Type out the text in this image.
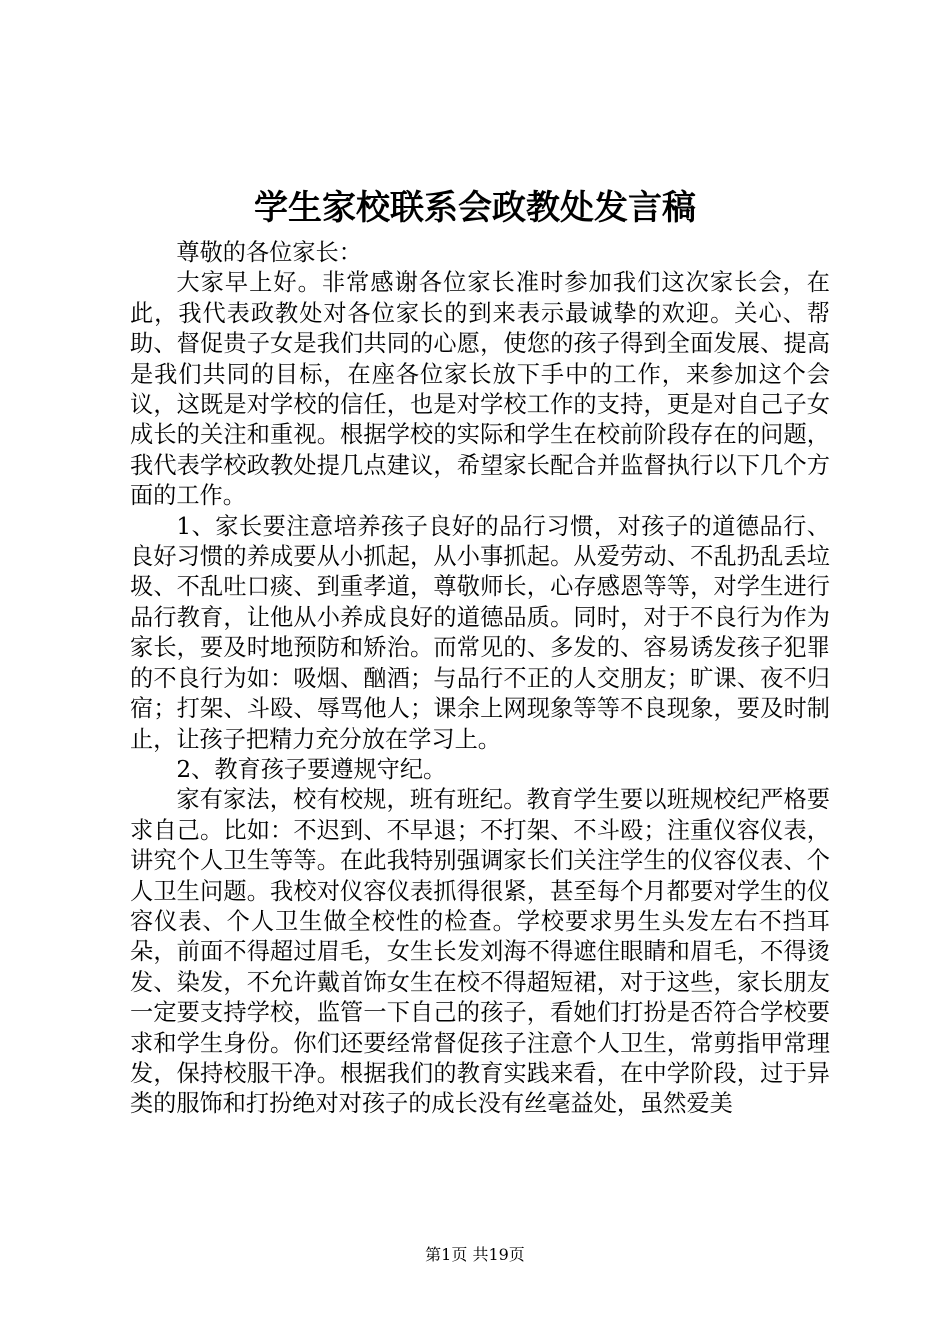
学生家校联系会政教处发言稿

尊敬的各位家长：

大家早上好。非常感谢各位家长准时参加我们这次家长会，在此，我代表政教处对各位家长的到来表示最诚挚的欢迎。关心、帮助、督促贵子女是我们共同的心愿，使您的孩子得到全面发展、提高是我们共同的目标，在座各位家长放下手中的工作，来参加这个会议，这既是对学校的信任，也是对学校工作的支持，更是对自己子女成长的关注和重视。根据学校的实际和学生在校前阶段存在的问题，我代表学校政教处提几点建议，希望家长配合并监督执行以下几个方面的工作。

1、家长要注意培养孩子良好的品行习惯，对孩子的道德品行、良好习惯的养成要从小抓起，从小事抓起。从爱劳动、不乱扔乱丢垃圾、不乱吐口痰、到重孝道，尊敬师长，心存感恩等等，对学生进行品行教育，让他从小养成良好的道德品质。同时，对于不良行为作为家长，要及时地预防和矫治。而常见的、多发的、容易诱发孩子犯罪的不良行为如：吸烟、酗酒；与品行不正的人交朋友；旷课、夜不归宿；打架、斗殴、辱骂他人；课余上网现象等等不良现象，要及时制止，让孩子把精力充分放在学习上。

2、教育孩子要遵规守纪。

家有家法，校有校规，班有班纪。教育学生要以班规校纪严格要求自己。比如：不迟到、不早退；不打架、不斗殴；注重仪容仪表，讲究个人卫生等等。在此我特别强调家长们关注学生的仪容仪表、个人卫生问题。我校对仪容仪表抓得很紧，甚至每个月都要对学生的仪容仪表、个人卫生做全校性的检查。学校要求男生头发左右不挡耳朵，前面不得超过眉毛，女生长发刘海不得遮住眼睛和眉毛，不得烫发、染发，不允许戴首饰女生在校不得超短裙，对于这些，家长朋友一定要支持学校，监管一下自己的孩子，看她们打扮是否符合学校要求和学生身份。你们还要经常督促孩子注意个人卫生，常剪指甲常理发，保持校服干净。根据我们的教育实践来看，在中学阶段，过于异类的服饰和打扮绝对对孩子的成长没有丝毫益处，虽然爱美

第1页 共19页
